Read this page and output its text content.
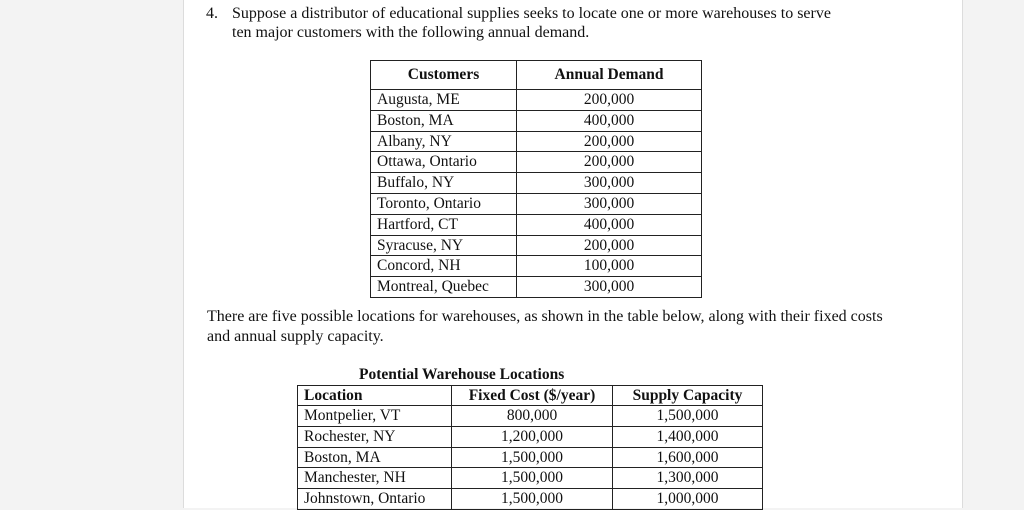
4. Suppose a distributor of educational supplies seeks to locate one or more warehouses to serve
ten major customers with the following annual demand.
Customers	Annual Demand
Augusta, ME	200,000
Boston, MA	400,000
Albany, NY	200,000
Ottawa, Ontario	200,000
Buffalo, NY	300,000
Toronto, Ontario	300,000
Hartford, CT	400,000
Syracuse, NY	200,000
Concord, NH	100,000
Montreal, Quebec	300,000
There are five possible locations for warehouses, as shown in the table below, along with their fixed costs and annual supply capacity.
Potential Warehouse Locations
Location	Fixed Cost ($/year)	Supply Capacity
Montpelier, VT	800,000	1,500,000
Rochester, NY	1,200,000	1,400,000
Boston, MA	1,500,000	1,600,000
Manchester, NH	1,500,000	1,300,000
Johnstown, Ontario	1,500,000	1,000,000
